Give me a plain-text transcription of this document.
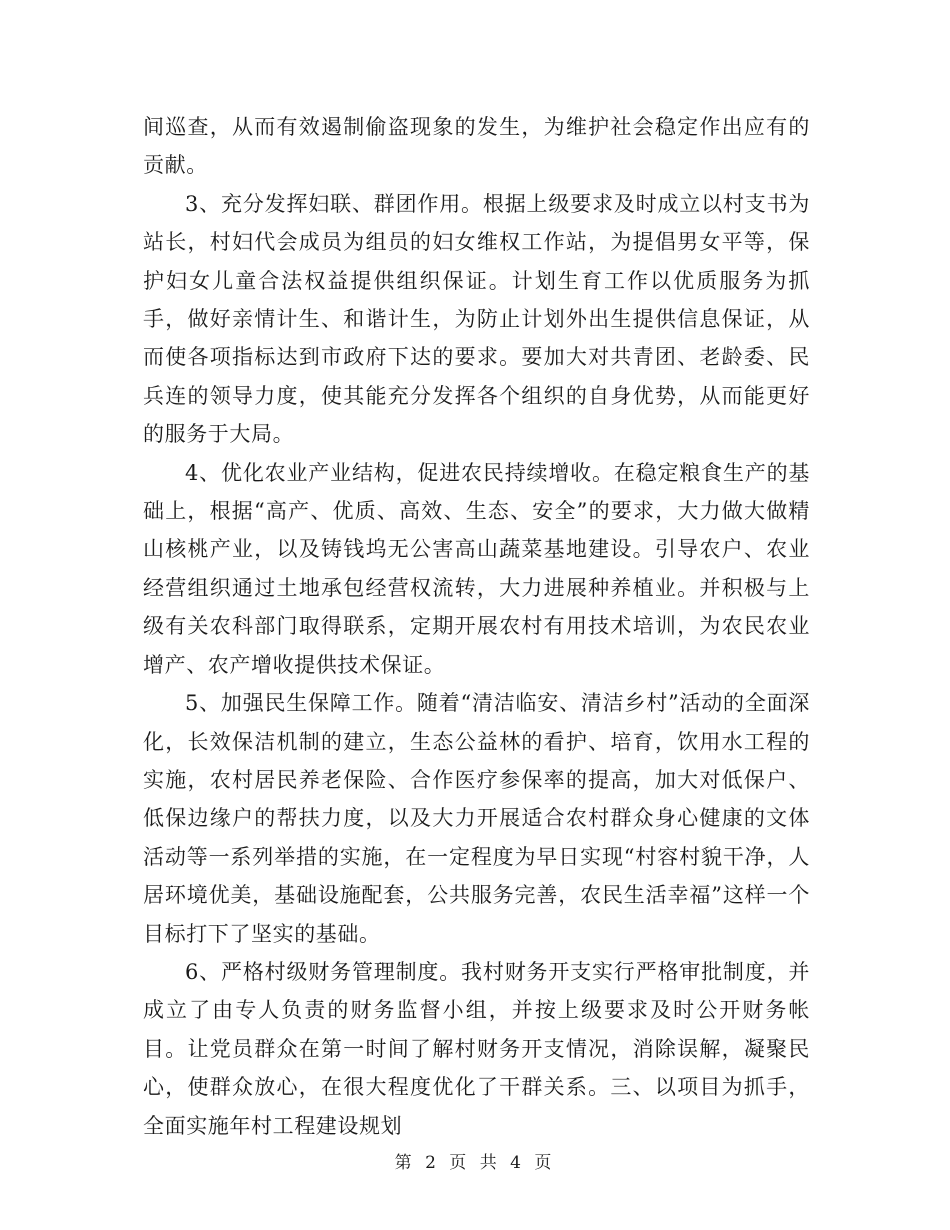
间巡查，从而有效遏制偷盗现象的发生，为维护社会稳定作出应有的贡献。

3、充分发挥妇联、群团作用。根据上级要求及时成立以村支书为站长，村妇代会成员为组员的妇女维权工作站，为提倡男女平等，保护妇女儿童合法权益提供组织保证。计划生育工作以优质服务为抓手，做好亲情计生、和谐计生，为防止计划外出生提供信息保证，从而使各项指标达到市政府下达的要求。要加大对共青团、老龄委、民兵连的领导力度，使其能充分发挥各个组织的自身优势，从而能更好的服务于大局。

4、优化农业产业结构，促进农民持续增收。在稳定粮食生产的基础上，根据“高产、优质、高效、生态、安全”的要求，大力做大做精山核桃产业，以及铸钱坞无公害高山蔬菜基地建设。引导农户、农业经营组织通过土地承包经营权流转，大力进展种养植业。并积极与上级有关农科部门取得联系，定期开展农村有用技术培训，为农民农业增产、农产增收提供技术保证。

5、加强民生保障工作。随着“清洁临安、清洁乡村”活动的全面深化，长效保洁机制的建立，生态公益林的看护、培育，饮用水工程的实施，农村居民养老保险、合作医疗参保率的提高，加大对低保户、低保边缘户的帮扶力度，以及大力开展适合农村群众身心健康的文体活动等一系列举措的实施，在一定程度为早日实现“村容村貌干净，人居环境优美，基础设施配套，公共服务完善，农民生活幸福”这样一个目标打下了坚实的基础。

6、严格村级财务管理制度。我村财务开支实行严格审批制度，并成立了由专人负责的财务监督小组，并按上级要求及时公开财务帐目。让党员群众在第一时间了解村财务开支情况，消除误解，凝聚民心，使群众放心，在很大程度优化了干群关系。三、以项目为抓手，全面实施年村工程建设规划

第 2 页 共 4 页
